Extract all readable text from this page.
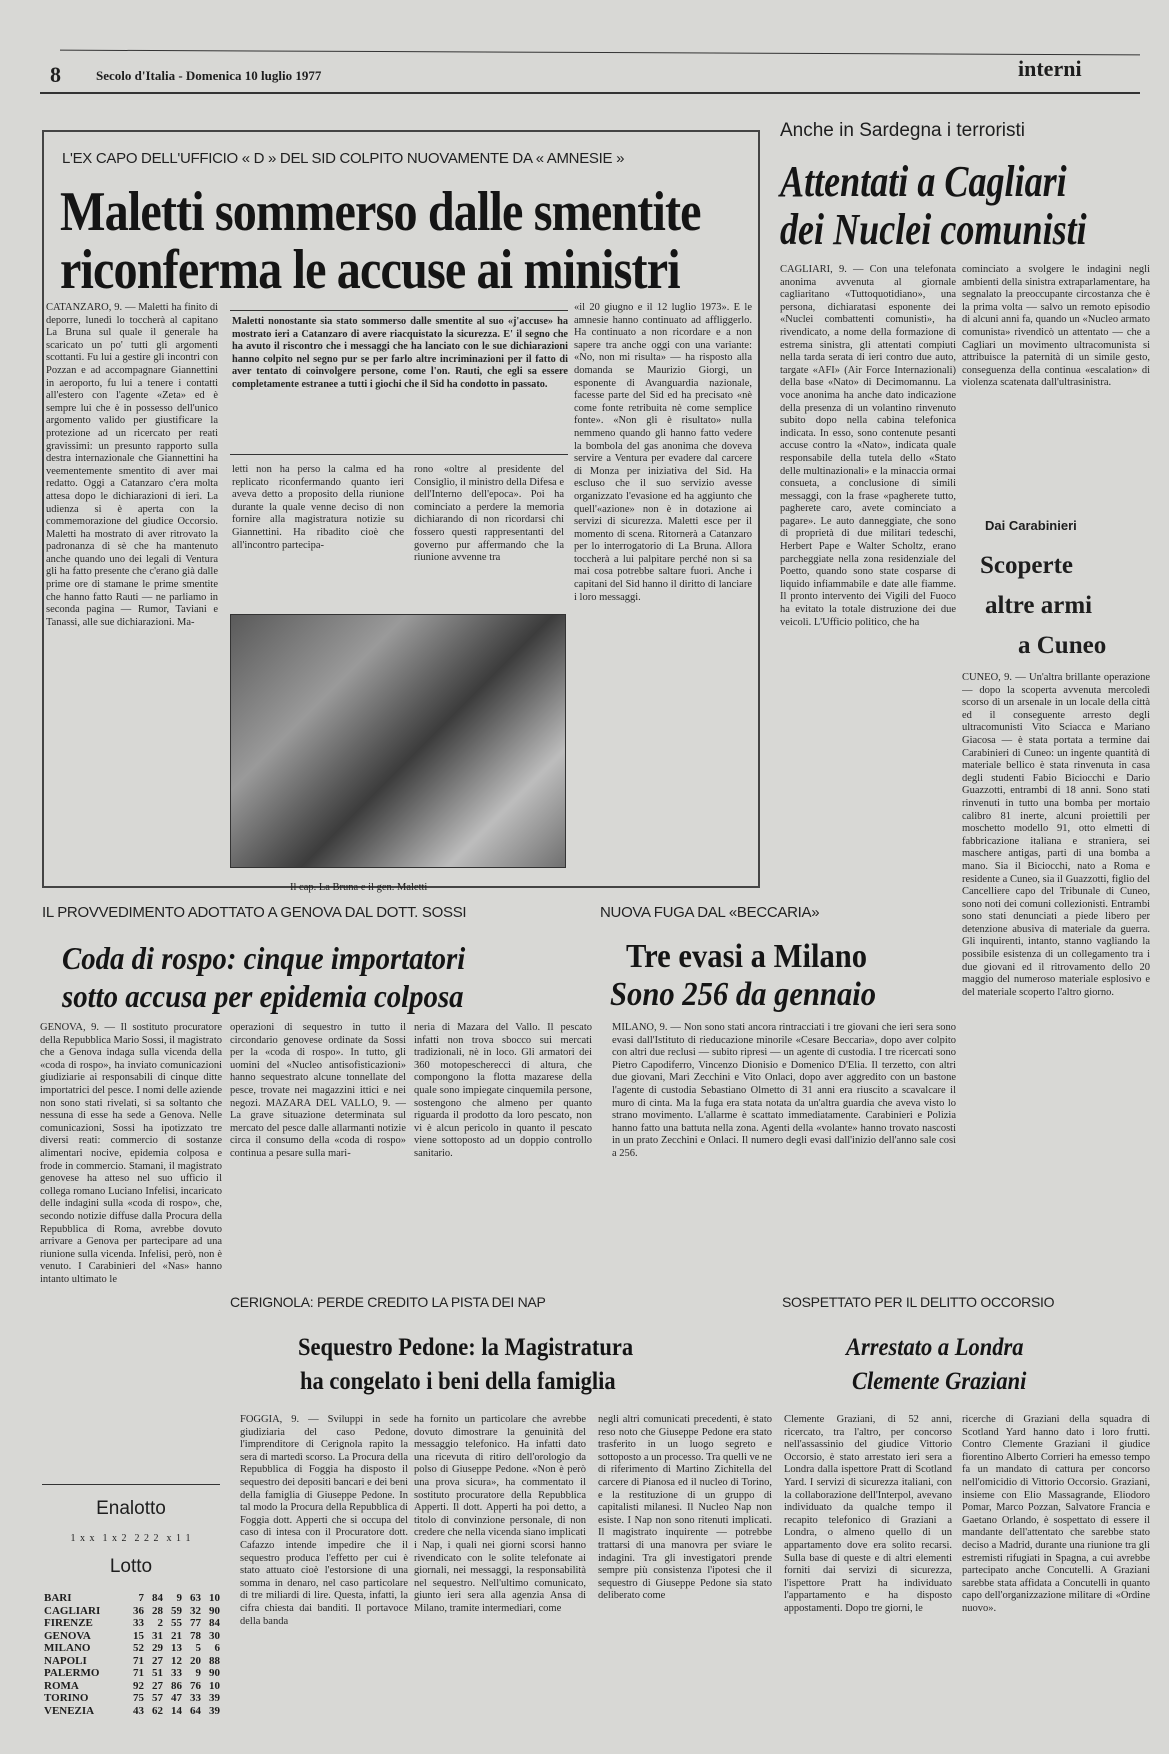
8	Secolo d'Italia - Domenica 10 luglio 1977	interni
L'EX CAPO DELL'UFFICIO « D » DEL SID COLPITO NUOVAMENTE DA « AMNESIE »
Maletti sommerso dalle smentite
riconferma le accuse ai ministri
CATANZARO, 9. — Maletti ha finito di deporre, lunedì lo toccherà al capitano La Bruna sul quale il generale ha scaricato un po' tutti gli argomenti scottanti. Fu lui a gestire gli incontri con Pozzan e ad accompagnare Giannettini in aeroporto, fu lui a tenere i contatti all'estero con l'agente «Zeta» ed è sempre lui che è in possesso dell'unico argomento valido per giustificare la protezione ad un ricercato per reati gravissimi: un presunto rapporto sulla destra internazionale che Giannettini ha veementemente smentito di aver mai redatto. Oggi a Catanzaro c'era molta attesa dopo le dichiarazioni di ieri. La udienza si è aperta con la commemorazione del giudice Occorsio. Maletti ha mostrato di aver ritrovato la padronanza di sè che ha mantenuto anche quando uno dei legali di Ventura gli ha fatto presente che c'erano già dalle prime ore di stamane le prime smentite che hanno fatto Rauti — ne parliamo in seconda pagina — Rumor, Taviani e Tanassi, alle sue dichiarazioni. Ma-
Maletti nonostante sia stato sommerso dalle smentite al suo «j'accuse» ha mostrato ieri a Catanzaro di avere riacquistato la sicurezza. E' il segno che ha avuto il riscontro che i messaggi che ha lanciato con le sue dichiarazioni hanno colpito nel segno pur se per farlo altre incriminazioni per il fatto di aver tentato di coinvolgere persone, come l'on. Rauti, che egli sa essere completamente estranee a tutti i giochi che il Sid ha condotto in passato.
letti non ha perso la calma ed ha replicato riconfermando quanto ieri aveva detto a proposito della riunione durante la quale venne deciso di non fornire alla magistratura notizie su Giannettini. Ha ribadito cioè che all'incontro partecipa-
rono «oltre al presidente del Consiglio, il ministro della Difesa e dell'Interno dell'epoca». Poi ha cominciato a perdere la memoria dichiarando di non ricordarsi chi fossero questi rappresentanti del governo pur affermando che la riunione avvenne tra
«il 20 giugno e il 12 luglio 1973». E le amnesie hanno continuato ad affliggerlo. Ha continuato a non ricordare e a non sapere tra anche oggi con una variante: «No, non mi risulta» — ha risposto alla domanda se Maurizio Giorgi, un esponente di Avanguardia nazionale, facesse parte del Sid ed ha precisato «nè come fonte retribuita nè come semplice fonte». «Non gli è risultato» nulla nemmeno quando gli hanno fatto vedere la bombola del gas anonima che doveva servire a Ventura per evadere dal carcere di Monza per iniziativa del Sid. Ha escluso che il suo servizio avesse organizzato l'evasione ed ha aggiunto che quell'«azione» non è in dotazione ai servizi di sicurezza. Maletti esce per il momento di scena. Ritornerà a Catanzaro per lo interrogatorio di La Bruna. Allora toccherà a lui palpitare perché non si sa mai cosa potrebbe saltare fuori. Anche i capitani del Sid hanno il diritto di lanciare i loro messaggi.
Il cap. La Bruna e il gen. Maletti
Anche in Sardegna i terroristi
Attentati a Cagliari
dei Nuclei comunisti
CAGLIARI, 9. — Con una telefonata anonima avvenuta al giornale cagliaritano «Tuttoquotidiano», una persona, dichiaratasi esponente dei «Nuclei combattenti comunisti», ha rivendicato, a nome della formazione di estrema sinistra, gli attentati compiuti nella tarda serata di ieri contro due auto, targate «AFI» (Air Force Internazionali) della base «Nato» di Decimomannu. La voce anonima ha anche dato indicazione della presenza di un volantino rinvenuto subito dopo nella cabina telefonica indicata. In esso, sono contenute pesanti accuse contro la «Nato», indicata quale responsabile della tutela dello «Stato delle multinazionali» e la minaccia ormai consueta, a conclusione di simili messaggi, con la frase «pagherete tutto, pagherete caro, avete cominciato a pagare». Le auto danneggiate, che sono di proprietà di due militari tedeschi, Herbert Pape e Walter Scholtz, erano parcheggiate nella zona residenziale del Poetto, quando sono state cosparse di liquido infiammabile e date alle fiamme. Il pronto intervento dei Vigili del Fuoco ha evitato la totale distruzione dei due veicoli. L'Ufficio politico, che ha
cominciato a svolgere le indagini negli ambienti della sinistra extraparlamentare, ha segnalato la preoccupante circostanza che è la prima volta — salvo un remoto episodio di alcuni anni fa, quando un «Nucleo armato comunista» rivendicò un attentato — che a Cagliari un movimento ultracomunista si attribuisce la paternità di un simile gesto, conseguenza della continua «escalation» di violenza scatenata dall'ultrasinistra.
Dai Carabinieri
Scoperte
altre armi
a Cuneo
CUNEO, 9. — Un'altra brillante operazione — dopo la scoperta avvenuta mercoledì scorso di un arsenale in un locale della città ed il conseguente arresto degli ultracomunisti Vito Sciacca e Mariano Giacosa — è stata portata a termine dai Carabinieri di Cuneo: un ingente quantità di materiale bellico è stata rinvenuta in casa degli studenti Fabio Biciocchi e Dario Guazzotti, entrambi di 18 anni. Sono stati rinvenuti in tutto una bomba per mortaio calibro 81 inerte, alcuni proiettili per moschetto modello 91, otto elmetti di fabbricazione italiana e straniera, sei maschere antigas, parti di una bomba a mano. Sia il Biciocchi, nato a Roma e residente a Cuneo, sia il Guazzotti, figlio del Cancelliere capo del Tribunale di Cuneo, sono noti dei comuni collezionisti. Entrambi sono stati denunciati a piede libero per detenzione abusiva di materiale da guerra. Gli inquirenti, intanto, stanno vagliando la possibile esistenza di un collegamento tra i due giovani ed il ritrovamento dello 20 maggio del numeroso materiale esplosivo e del materiale scoperto l'altro giorno.
IL PROVVEDIMENTO ADOTTATO A GENOVA DAL DOTT. SOSSI
Coda di rospo: cinque importatori
sotto accusa per epidemia colposa
GENOVA, 9. — Il sostituto procuratore della Repubblica Mario Sossi, il magistrato che a Genova indaga sulla vicenda della «coda di rospo», ha inviato comunicazioni giudiziarie ai responsabili di cinque ditte importatrici del pesce. I nomi delle aziende non sono stati rivelati, si sa soltanto che nessuna di esse ha sede a Genova. Nelle comunicazioni, Sossi ha ipotizzato tre diversi reati: commercio di sostanze alimentari nocive, epidemia colposa e frode in commercio. Stamani, il magistrato genovese ha atteso nel suo ufficio il collega romano Luciano Infelisi, incaricato delle indagini sulla «coda di rospo», che, secondo notizie diffuse dalla Procura della Repubblica di Roma, avrebbe dovuto arrivare a Genova per partecipare ad una riunione sulla vicenda. Infelisi, però, non è venuto. I Carabinieri del «Nas» hanno intanto ultimato le
operazioni di sequestro in tutto il circondario genovese ordinate da Sossi per la «coda di rospo». In tutto, gli uomini del «Nucleo antisofisticazioni» hanno sequestrato alcune tonnellate del pesce, trovate nei magazzini ittici e nei negozi. MAZARA DEL VALLO, 9. — La grave situazione determinata sul mercato del pesce dalle allarmanti notizie circa il consumo della «coda di rospo» continua a pesare sulla mari-
neria di Mazara del Vallo. Il pescato infatti non trova sbocco sui mercati tradizionali, nè in loco. Gli armatori dei 360 motopescherecci di altura, che compongono la flotta mazarese della quale sono impiegate cinquemila persone, sostengono che almeno per quanto riguarda il prodotto da loro pescato, non vi è alcun pericolo in quanto il pescato viene sottoposto ad un doppio controllo sanitario.
NUOVA FUGA DAL «BECCARIA»
Tre evasi a Milano
Sono 256 da gennaio
MILANO, 9. — Non sono stati ancora rintracciati i tre giovani che ieri sera sono evasi dall'Istituto di rieducazione minorile «Cesare Beccaria», dopo aver colpito con altri due reclusi — subito ripresi — un agente di custodia. I tre ricercati sono Pietro Capodiferro, Vincenzo Dionisio e Domenico D'Elia. Il terzetto, con altri due giovani, Mari Zecchini e Vito Onlaci, dopo aver aggredito con un bastone l'agente di custodia Sebastiano Olmetto di 31 anni era riuscito a scavalcare il muro di cinta. Ma la fuga era stata notata da un'altra guardia che aveva visto lo strano movimento. L'allarme è scattato immediatamente. Carabinieri e Polizia hanno fatto una battuta nella zona. Agenti della «volante» hanno trovato nascosti in un prato Zecchini e Onlaci. Il numero degli evasi dall'inizio dell'anno sale così a 256.
Enalotto
1 x x  1 x 2  2 2 2  x 1 1
Lotto
BARI	7 84 9 63 10
CAGLIARI	36 28 59 32 90
FIRENZE	33 2 55 77 84
GENOVA	15 31 21 78 30
MILANO	52 29 13 5 6
NAPOLI	71 27 12 20 88
PALERMO	71 51 33 9 90
ROMA	92 27 86 76 10
TORINO	75 57 47 33 39
VENEZIA	43 62 14 64 39
CERIGNOLA: PERDE CREDITO LA PISTA DEI NAP
Sequestro Pedone: la Magistratura
ha congelato i beni della famiglia
FOGGIA, 9. — Sviluppi in sede giudiziaria del caso Pedone, l'imprenditore di Cerignola rapito la sera di martedì scorso. La Procura della Repubblica di Foggia ha disposto il sequestro dei depositi bancari e dei beni della famiglia di Giuseppe Pedone. In tal modo la Procura della Repubblica di Foggia dott. Apperti che si occupa del caso di intesa con il Procuratore dott. Cafazzo intende impedire che il sequestro produca l'effetto per cui è stato attuato cioè l'estorsione di una somma in denaro, nel caso particolare di tre miliardi di lire. Questa, infatti, la cifra chiesta dai banditi. Il portavoce della banda
ha fornito un particolare che avrebbe dovuto dimostrare la genuinità del messaggio telefonico. Ha infatti dato una ricevuta di ritiro dell'orologio da polso di Giuseppe Pedone. «Non è però una prova sicura», ha commentato il sostituto procuratore della Repubblica Apperti. Il dott. Apperti ha poi detto, a titolo di convinzione personale, di non credere che nella vicenda siano implicati i Nap, i quali nei giorni scorsi hanno rivendicato con le solite telefonate ai giornali, nei messaggi, la responsabilità nel sequestro. Nell'ultimo comunicato, giunto ieri sera alla agenzia Ansa di Milano, tramite intermediari, come
negli altri comunicati precedenti, è stato reso noto che Giuseppe Pedone era stato trasferito in un luogo segreto e sottoposto a un processo. Tra quelli ve ne di riferimento di Martino Zichitella del carcere di Pianosa ed il nucleo di Torino, e la restituzione di un gruppo di capitalisti milanesi. Il Nucleo Nap non esiste. I Nap non sono ritenuti implicati. Il magistrato inquirente — potrebbe trattarsi di una manovra per sviare le indagini. Tra gli investigatori prende sempre più consistenza l'ipotesi che il sequestro di Giuseppe Pedone sia stato deliberato come
SOSPETTATO PER IL DELITTO OCCORSIO
Arrestato a Londra
Clemente Graziani
Clemente Graziani, di 52 anni, ricercato, tra l'altro, per concorso nell'assassinio del giudice Vittorio Occorsio, è stato arrestato ieri sera a Londra dalla ispettore Pratt di Scotland Yard. I servizi di sicurezza italiani, con la collaborazione dell'Interpol, avevano individuato da qualche tempo il recapito telefonico di Graziani a Londra, o almeno quello di un appartamento dove era solito recarsi. Sulla base di queste e di altri elementi forniti dai servizi di sicurezza, l'ispettore Pratt ha individuato l'appartamento e ha disposto appostamenti. Dopo tre giorni, le
ricerche di Graziani della squadra di Scotland Yard hanno dato i loro frutti. Contro Clemente Graziani il giudice fiorentino Alberto Corrieri ha emesso tempo fa un mandato di cattura per concorso nell'omicidio di Vittorio Occorsio. Graziani, insieme con Elio Massagrande, Eliodoro Pomar, Marco Pozzan, Salvatore Francia e Gaetano Orlando, è sospettato di essere il mandante dell'attentato che sarebbe stato deciso a Madrid, durante una riunione tra gli estremisti rifugiati in Spagna, a cui avrebbe partecipato anche Concutelli. A Graziani sarebbe stata affidata a Concutelli in quanto capo dell'organizzazione militare di «Ordine nuovo».
